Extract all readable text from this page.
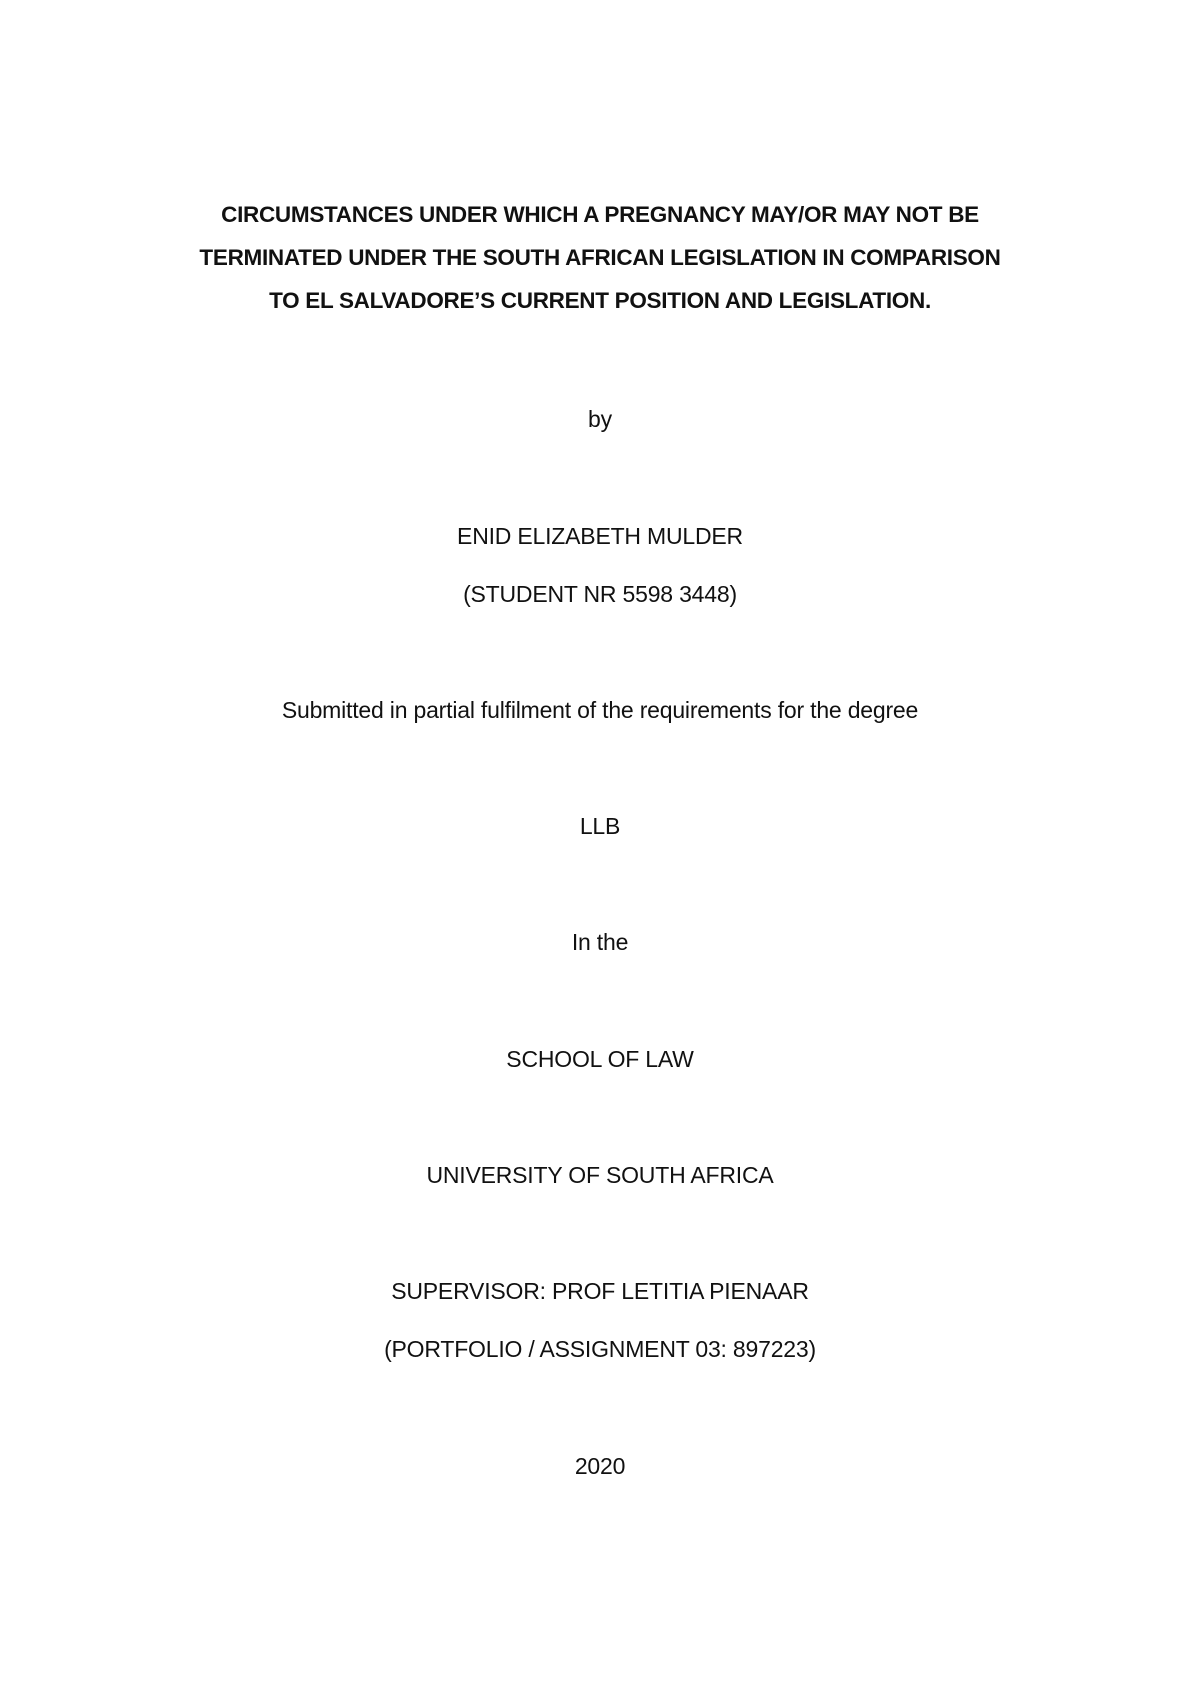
CIRCUMSTANCES UNDER WHICH A PREGNANCY MAY/OR MAY NOT BE
TERMINATED UNDER THE SOUTH AFRICAN LEGISLATION IN COMPARISON
TO EL SALVADORE’S CURRENT POSITION AND LEGISLATION.
by
ENID ELIZABETH MULDER
(STUDENT NR 5598 3448)
Submitted in partial fulfilment of the requirements for the degree
LLB
In the
SCHOOL OF LAW
UNIVERSITY OF SOUTH AFRICA
SUPERVISOR: PROF LETITIA PIENAAR
(PORTFOLIO / ASSIGNMENT 03: 897223)
2020
